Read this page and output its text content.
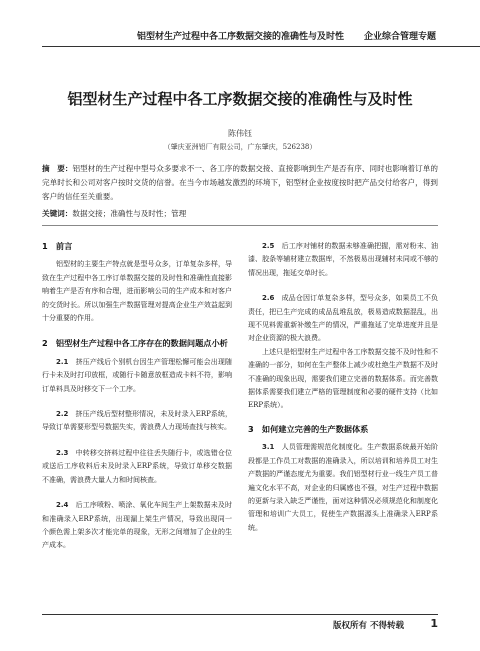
铝型材生产过程中各工序数据交接的准确性与及时性 企业综合管理专题
铝型材生产过程中各工序数据交接的准确性与及时性
陈伟钰
（肇庆亚洲铝厂有限公司，广东肇庆，526238）
摘　要：铝型材的生产过程中型号众多要求不一、各工序的数据交接、直接影响到生产是否有序、同时也影响着订单的完单时长和公司对客户按时交货的信誉。在当今市场越发激烈的环境下，铝型材企业按度按时把产品交付给客户，得到客户的信任至关重要。
关键词：数据交接；准确性与及时性；管理
1　前言

铝型材的主要生产特点就是型号众多，订单复杂多样，导致在生产过程中各工序订单数据交接的及时性和准确性直接影响着生产是否有序和合理，进而影响公司的生产成本和对客户的交货时长。所以加强生产数据管理对提高企业生产效益起到十分重要的作用。

2　铝型材生产过程中各工序存在的数据问题点小析

2.1　 挤压产线后个别机台因生产管理松懈可能会出现随行卡未及时打印放框，或随行卡随意放框造成卡料不符，影响订单料具及时移交下一个工序。

2.2　 挤压产线后型材整形情况，未及时录入ERP系统，导致订单需要形型号数据失实，需浪费人力现场查找与核实。

2.3　 中转移交挤料过程中往往丢失随行卡，或选错仓位或送后工序收料后未及时录入ERP系统，导致订单移交数据不准确，需浪费大量人力和时间核查。

2.4　 后工序喷粉、喷涂、氧化车间生产上架数据未及时和准确录入ERP系统，出现漏上架生产情况，导致出现同一个颜色需上架多次才能完单的现象，无形之间增加了企业的生产成本。

2.5　 后工序对铺材的数据未够准确把握，需对粉末、油漆、胶条等辅材建立数据库，不然极易出现辅材未同或不够的情况出现，拖延交单时长。

2.6　 成品仓因订单复杂多样，型号众多，如果员工不负责任，把已生产完成的成品乱堆乱放，极易造成数据混乱，出现不见料需重新补缴生产的情况，严重拖延了完单进度并且是对企业资源的极大浪费。

上述只是铝型材生产过程中各工序数据交接不及时性和不准确的一部分，如何在生产整体上减少或杜绝生产数据不及时不准确的现象出现，需要我们建立完善的数据体系。而完善数据体系需要我们建立严格的管理制度和必要的硬件支持（比如ERP系统）。

3　如何建立完善的生产数据体系

3.1　 人员管理需规范化制度化。生产数据系统最开始阶段都是工作员工对数据的准确录入，所以培训和培养员工对生产数据的严谨态度尤为重要。我们铝型材行业一线生产员工普遍文化水平不高，对企业的归属感也不强，对生产过程中数据的更新与录入缺乏严谨性，面对这种情况必须规范化和制度化管理和培训广大员工，促使生产数据源头上准确录入ERP系统。

版权所有 不得转载 1
